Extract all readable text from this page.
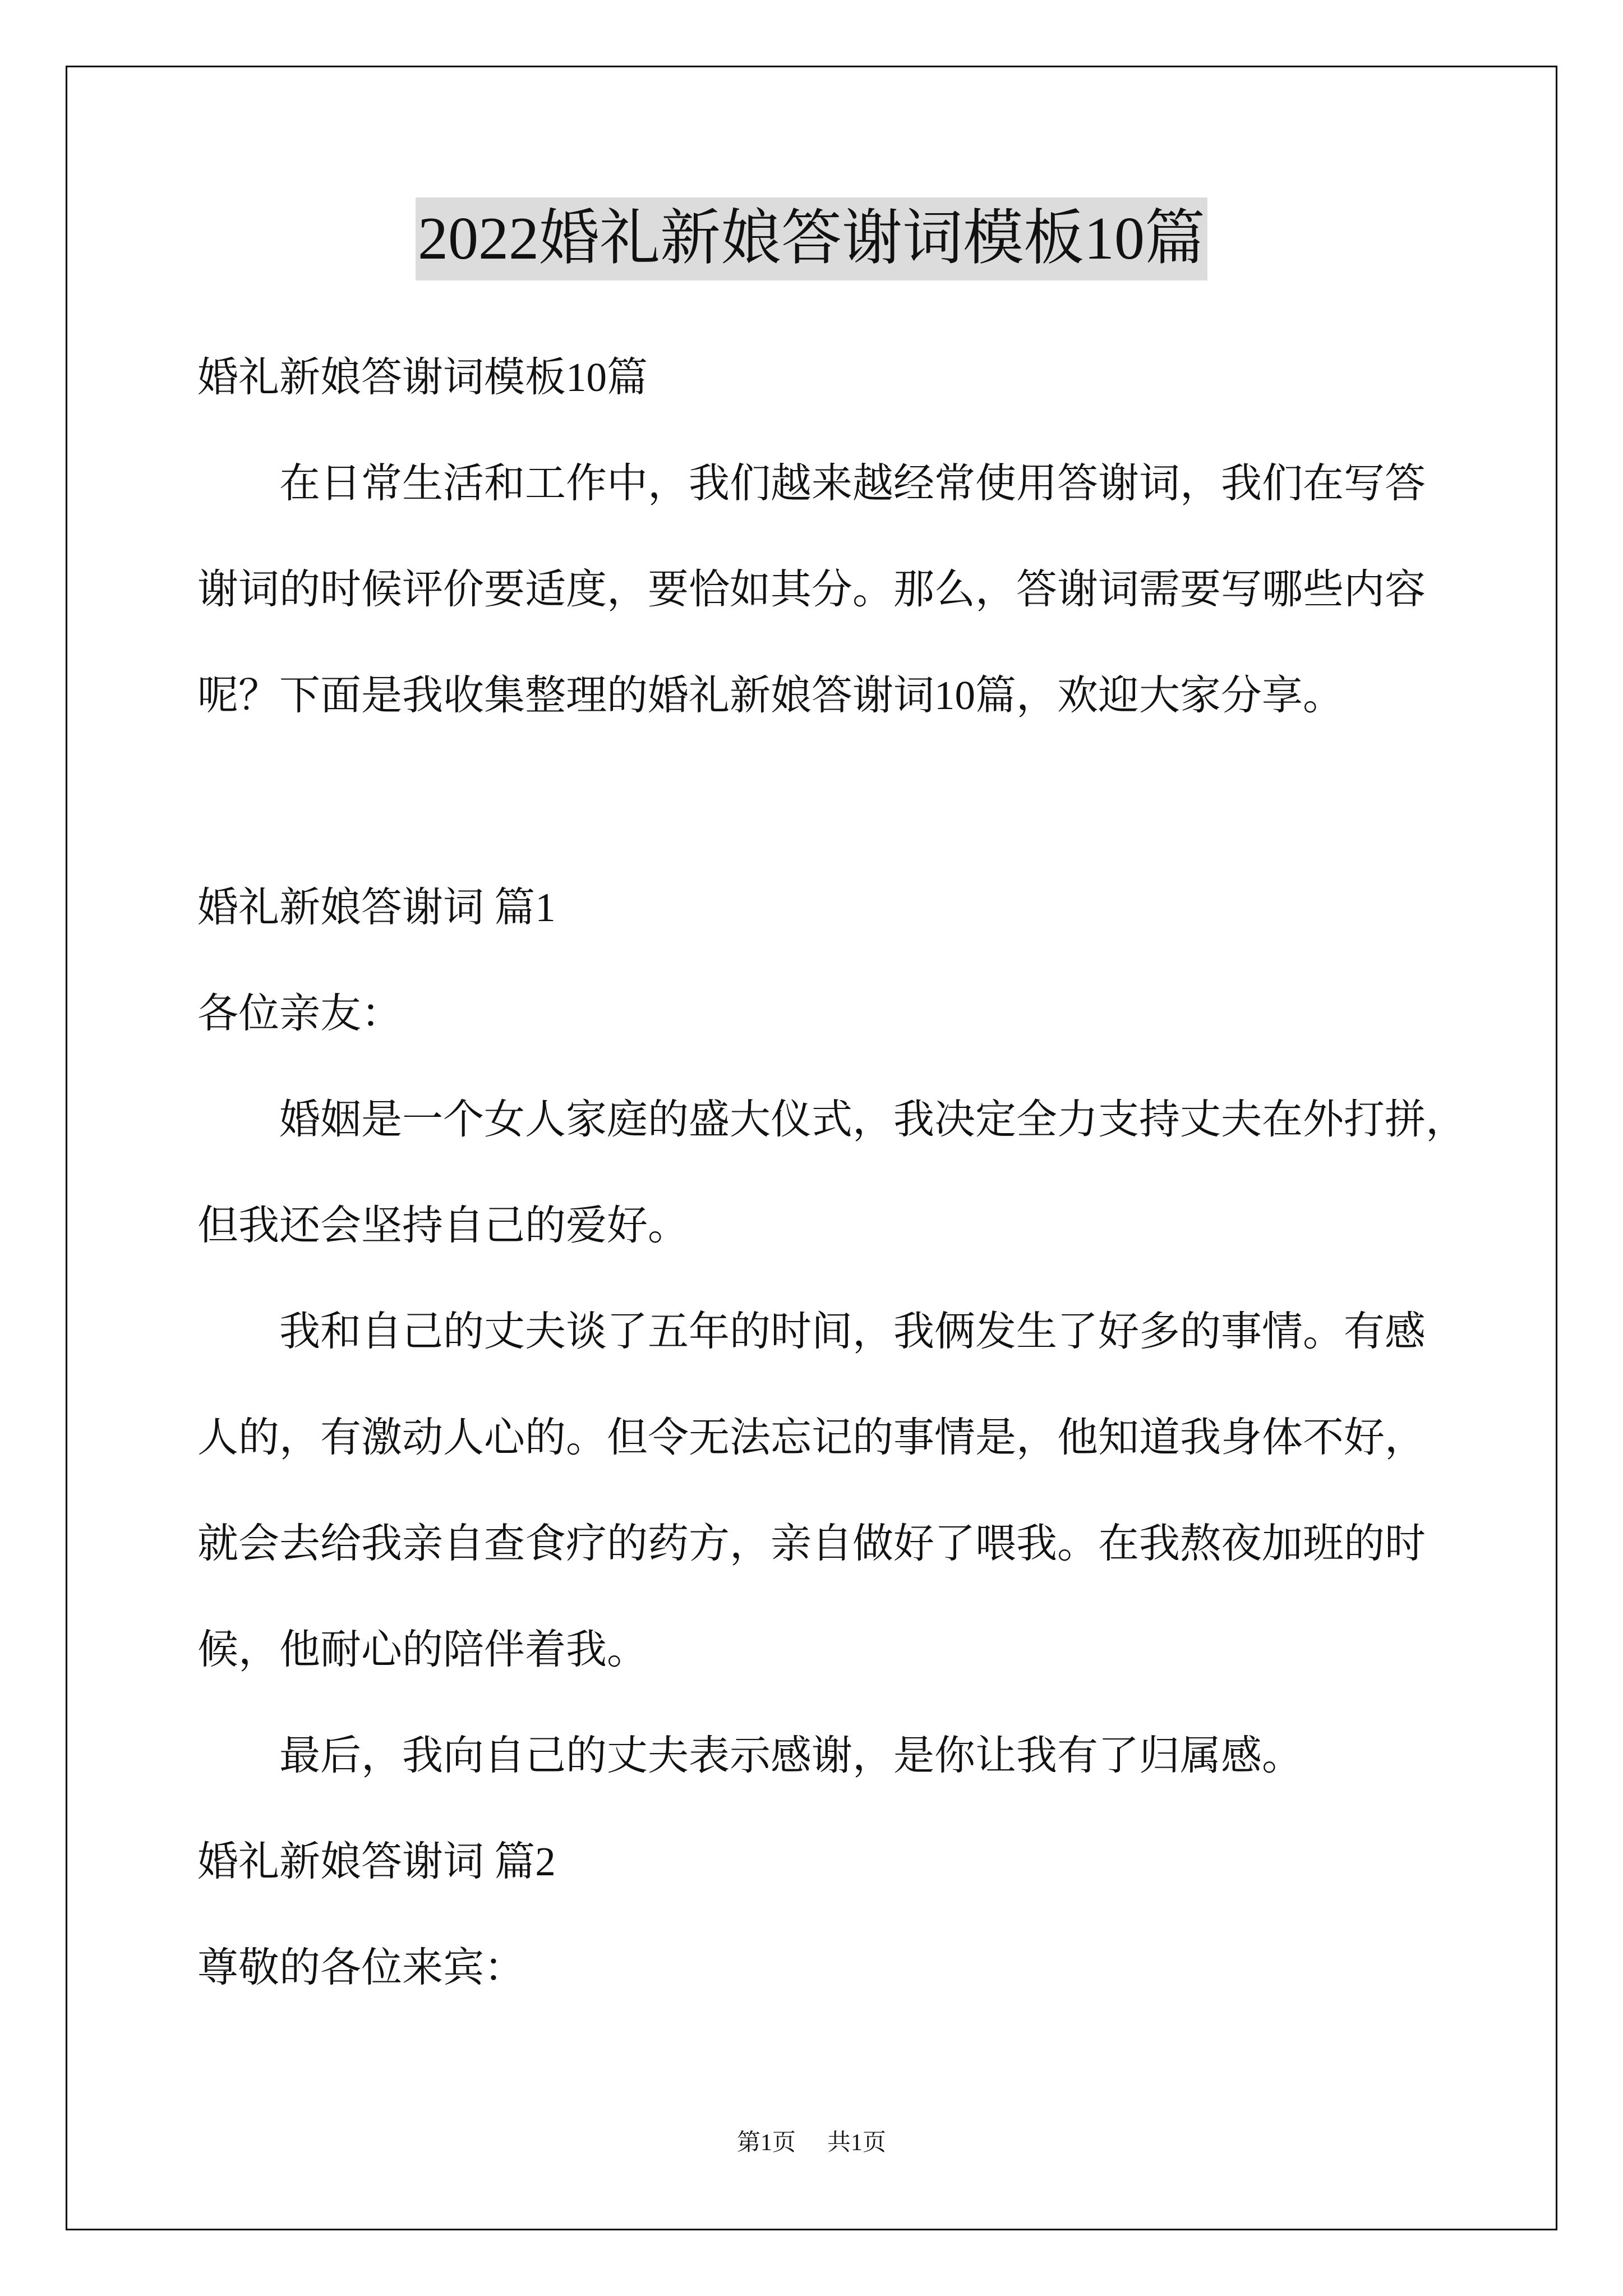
2022婚礼新娘答谢词模板10篇
婚礼新娘答谢词模板10篇
在日常生活和工作中，我们越来越经常使用答谢词，我们在写答
谢词的时候评价要适度，要恰如其分。那么，答谢词需要写哪些内容
呢？下面是我收集整理的婚礼新娘答谢词10篇，欢迎大家分享。
婚礼新娘答谢词 篇1
各位亲友：
婚姻是一个女人家庭的盛大仪式，我决定全力支持丈夫在外打拼，
但我还会坚持自己的爱好。
我和自己的丈夫谈了五年的时间，我俩发生了好多的事情。有感
人的，有激动人心的。但令无法忘记的事情是，他知道我身体不好，
就会去给我亲自查食疗的药方，亲自做好了喂我。在我熬夜加班的时
候，他耐心的陪伴着我。
最后，我向自己的丈夫表示感谢，是你让我有了归属感。
婚礼新娘答谢词 篇2
尊敬的各位来宾：
第1页 共1页
